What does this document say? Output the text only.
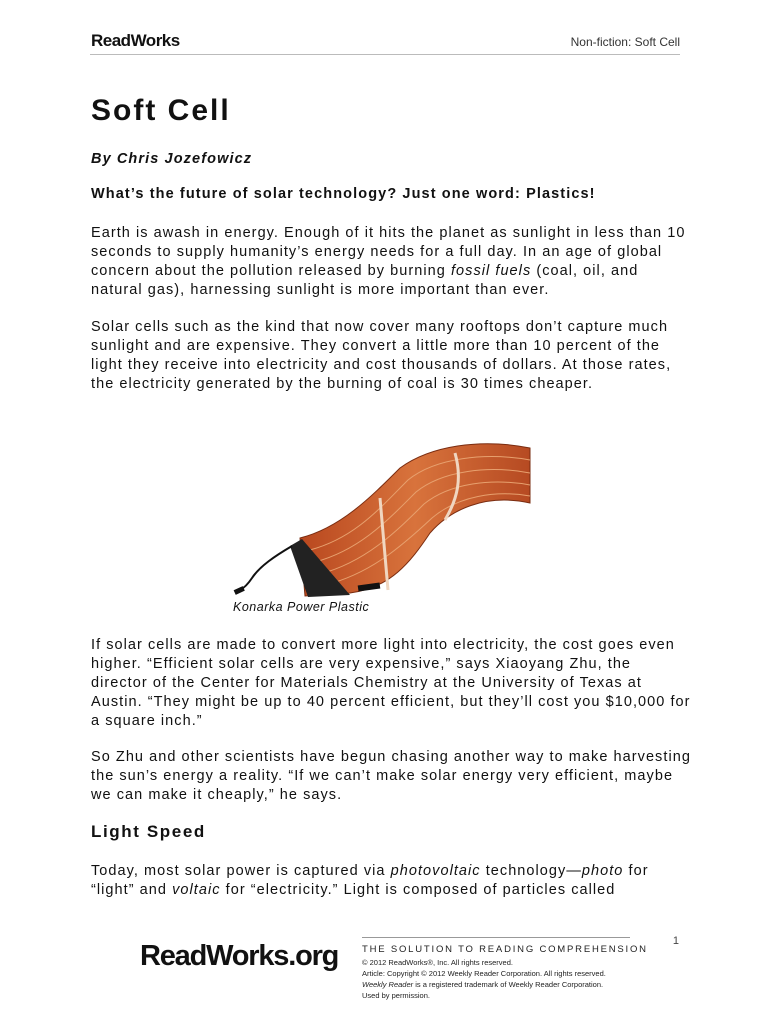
ReadWorks	Non-fiction: Soft Cell
Soft Cell
By Chris Jozefowicz
What’s the future of solar technology? Just one word: Plastics!

Earth is awash in energy. Enough of it hits the planet as sunlight in less than 10 seconds to supply humanity’s energy needs for a full day. In an age of global concern about the pollution released by burning fossil fuels (coal, oil, and natural gas), harnessing sunlight is more important than ever.

Solar cells such as the kind that now cover many rooftops don’t capture much sunlight and are expensive. They convert a little more than 10 percent of the light they receive into electricity and cost thousands of dollars. At those rates, the electricity generated by the burning of coal is 30 times cheaper.

Konarka Power Plastic

If solar cells are made to convert more light into electricity, the cost goes even higher. “Efficient solar cells are very expensive,” says Xiaoyang Zhu, the director of the Center for Materials Chemistry at the University of Texas at Austin. “They might be up to 40 percent efficient, but they’ll cost you $10,000 for a square inch.”

So Zhu and other scientists have begun chasing another way to make harvesting the sun’s energy a reality. “If we can’t make solar energy very efficient, maybe we can make it cheaply,” he says.

Light Speed

Today, most solar power is captured via photovoltaic technology—photo for “light” and voltaic for “electricity.” Light is composed of particles called

1
ReadWorks.org	THE SOLUTION TO READING COMPREHENSION
© 2012 ReadWorks®, Inc. All rights reserved.
Article: Copyright © 2012 Weekly Reader Corporation. All rights reserved.
Weekly Reader is a registered trademark of Weekly Reader Corporation.
Used by permission.
